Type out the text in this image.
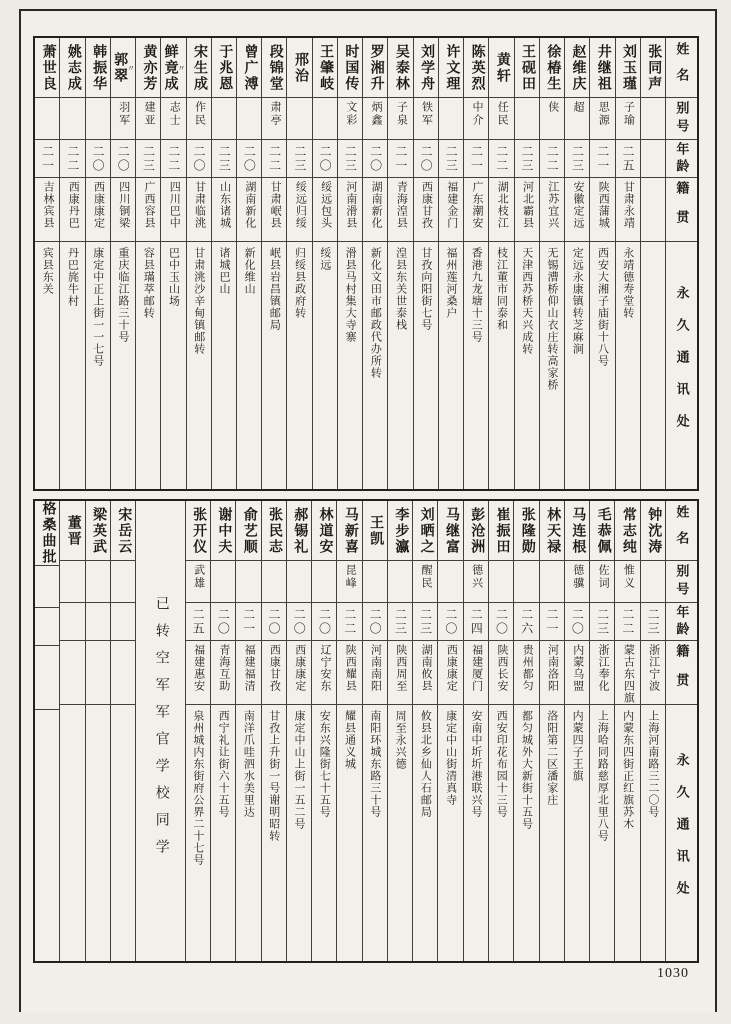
姓名
别号
年龄
籍贯
永久通讯处
张同声
刘玉瑾
子瑜
二五
甘肃永靖
永靖德寿堂转
井继祖
思源
二一
陕西蒲城
西安大湘子庙街十八号
赵维庆
超
二三
安徽定远
定远永康镇转芝麻涧
徐椿生
侠
二二
江苏宜兴
无锡漕桥仰山衣庄转高家桥
王砚田
二三
河北霸县
天津西苏桥天兴成转
黄轩
任民
二二
湖北枝江
枝江董市同泰和
陈英烈
中介
二一
广东潮安
香港九龙塘十三号
许文理
二三
福建金门
福州莲河桑户
刘学舟
铁军
二〇
西康甘孜
甘孜向阳街七号
吴泰林
子泉
二一
青海湟县
湟县东关世泰栈
罗湘升
炳鑫
二〇
湖南新化
新化文田市邮政代办所转
时国传
文彩
二三
河南滑县
滑县马村集大寺寨
王肇岐
二〇
绥远包头
绥远
邢治
二三
绥远归绥
归绥县政府转
段锦堂
肃亭
二二
甘肃岷县
岷县岩昌镇邮局
曾广溥
二〇
湖南新化
新化维山
于兆恩
二三
山东诸城
诸城巴山
宋生成
作民
二〇
甘肃临洮
甘肃洮沙辛甸镇邮转
鲜竟成 〃
志士
二二
四川巴中
巴中玉山场
黄亦芳
建亚
二三
广西容县
容县璊萃邮转
郭翠 〃
羽军
二〇
四川铜梁
重庆临江路三十号
韩振华
二〇
西康康定
康定中正上街一一七号
姚志成
二二
西康丹巴
丹巴旄牛村
萧世良
二一
吉林宾县
宾县东关
姓名
别号
年龄
籍贯
永久通讯处
钟沈涛
二三
浙江宁波
上海河南路三二〇号
常志纯
惟义
二二
蒙古东四旗
内蒙东四街正红旗苏木
毛恭佩
佐词
二三
浙江奉化
上海哈同路慈厚北里八号
马连根
德骥
二〇
内蒙乌盟
内蒙四子王旗
林天禄
二一
河南洛阳
洛阳第二区潘家庄
张隆勋
二六
贵州都匀
都匀城外大新街十五号
崔振田
二〇
陕西长安
西安印花布园十三号
彭沧洲
德兴
二四
福建厦门
安南中圻圻港联兴号
马继富
二〇
西康康定
康定中山街清真寺
刘晒之
醒民
二三
湖南攸县
攸县北乡仙人石邮局
李步瀛
二三
陕西周至
周至永兴德
王凯
二〇
河南南阳
南阳环城东路三十号
马新喜
昆峰
二二
陕西耀县
耀县通义城
林道安
二〇
辽宁安东
安东兴隆街七十五号
郝锡礼
二〇
西康康定
康定中山上街一五二号
张民志
二〇
西康甘孜
甘孜上升街一号谢明昭转
俞艺顺
二一
福建福清
南洋爪哇泗水美里达
谢中夫
二〇
青海互助
西宁礼让街六十五号
张开仪
武雄
二五
福建惠安
泉州城内东街府公界二十七号
已转空军军官学校同学
宋岳云
梁英武
董晋
格桑曲批
1030
